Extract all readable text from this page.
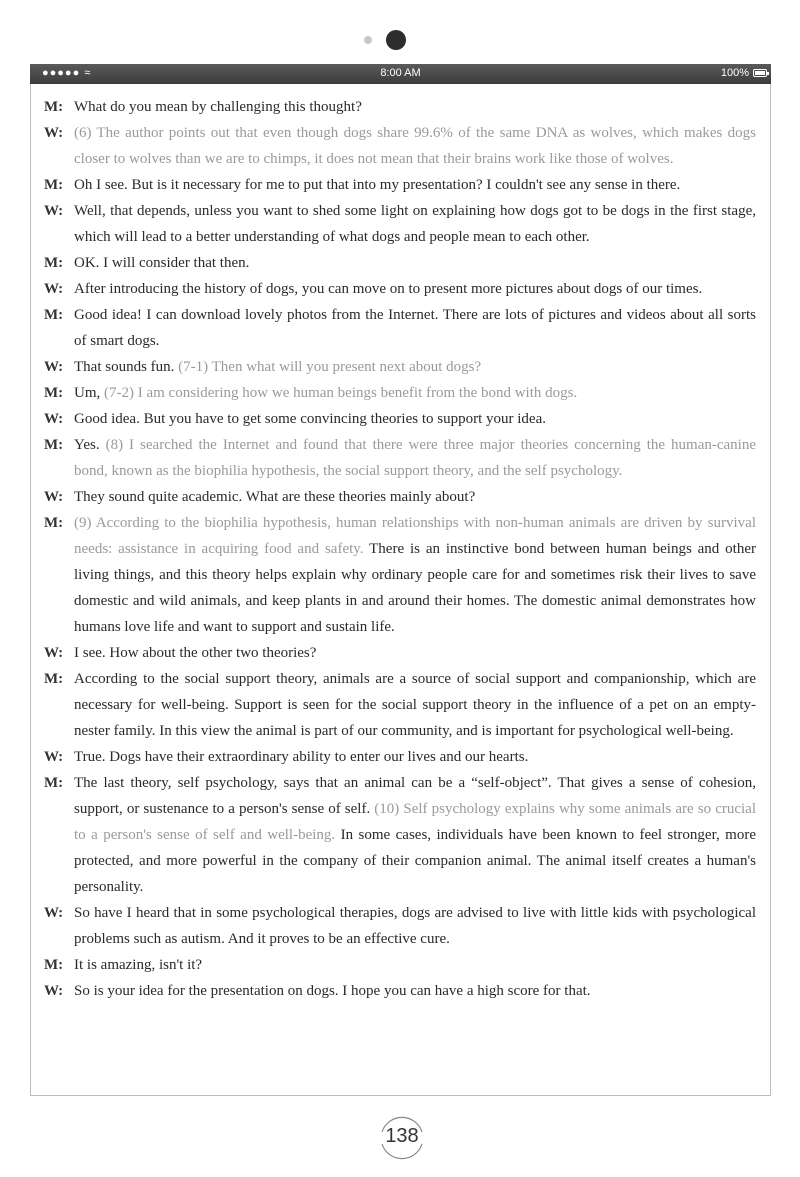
●●●●● ≈	8:00 AM	100%
M: What do you mean by challenging this thought?
W: (6) The author points out that even though dogs share 99.6% of the same DNA as wolves, which makes dogs closer to wolves than we are to chimps, it does not mean that their brains work like those of wolves.
M: Oh I see. But is it necessary for me to put that into my presentation? I couldn't see any sense in there.
W: Well, that depends, unless you want to shed some light on explaining how dogs got to be dogs in the first stage, which will lead to a better understanding of what dogs and people mean to each other.
M: OK. I will consider that then.
W: After introducing the history of dogs, you can move on to present more pictures about dogs of our times.
M: Good idea! I can download lovely photos from the Internet. There are lots of pictures and videos about all sorts of smart dogs.
W: That sounds fun. (7-1) Then what will you present next about dogs?
M: Um, (7-2) I am considering how we human beings benefit from the bond with dogs.
W: Good idea. But you have to get some convincing theories to support your idea.
M: Yes. (8) I searched the Internet and found that there were three major theories concerning the human-canine bond, known as the biophilia hypothesis, the social support theory, and the self psychology.
W: They sound quite academic. What are these theories mainly about?
M: (9) According to the biophilia hypothesis, human relationships with non-human animals are driven by survival needs: assistance in acquiring food and safety. There is an instinctive bond between human beings and other living things, and this theory helps explain why ordinary people care for and sometimes risk their lives to save domestic and wild animals, and keep plants in and around their homes. The domestic animal demonstrates how humans love life and want to support and sustain life.
W: I see. How about the other two theories?
M: According to the social support theory, animals are a source of social support and companionship, which are necessary for well-being. Support is seen for the social support theory in the influence of a pet on an empty-nester family. In this view the animal is part of our community, and is important for psychological well-being.
W: True. Dogs have their extraordinary ability to enter our lives and our hearts.
M: The last theory, self psychology, says that an animal can be a “self-object”. That gives a sense of cohesion, support, or sustenance to a person's sense of self. (10) Self psychology explains why some animals are so crucial to a person's sense of self and well-being. In some cases, individuals have been known to feel stronger, more protected, and more powerful in the company of their companion animal. The animal itself creates a human's personality.
W: So have I heard that in some psychological therapies, dogs are advised to live with little kids with psychological problems such as autism. And it proves to be an effective cure.
M: It is amazing, isn't it?
W: So is your idea for the presentation on dogs. I hope you can have a high score for that.
138
